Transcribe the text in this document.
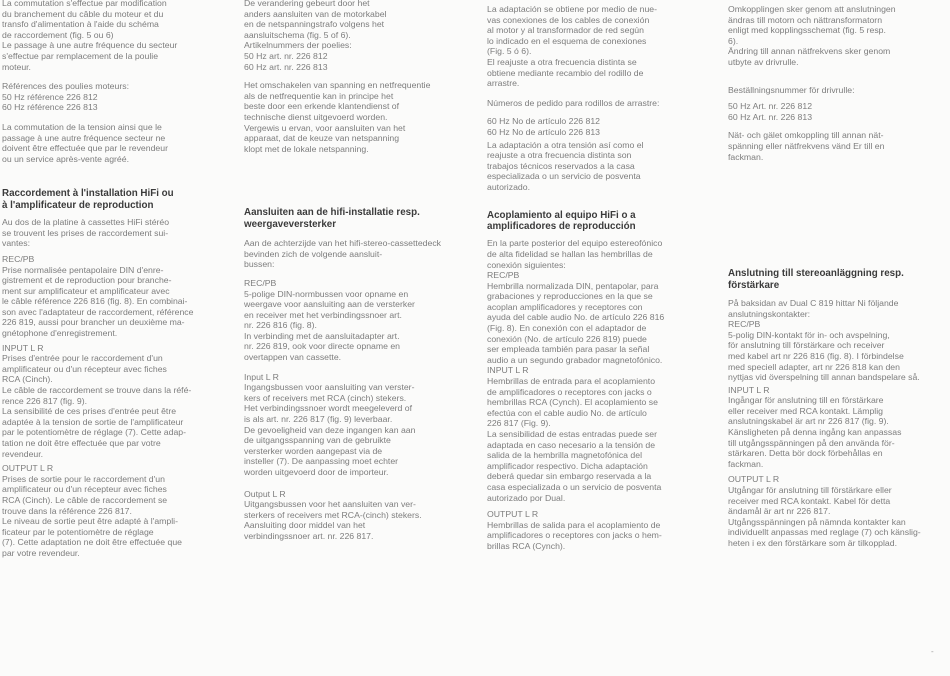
La commutation s'effectue par modification
du branchement du câble du moteur et du
transfo d'alimentation à l'aide du schéma
de raccordement (fig. 5 ou 6)
Le passage à une autre fréquence du secteur
s'effectue par remplacement de la poulie
moteur.

Références des poulies moteurs:

50 Hz référence 226 812
60 Hz référence 226 813

La commutation de la tension ainsi que le
passage à une autre fréquence secteur ne
doivent être effectuée que par le revendeur
ou un service après-vente agréé.

Raccordement à l'installation HiFi ou
à l'amplificateur de reproduction

Au dos de la platine à cassettes HiFi stéréo
se trouvent les prises de raccordement sui-
vantes:

REC/PB

Prise normalisée pentapolaire DIN d'enre-
gistrement et de reproduction pour branche-
ment sur amplificateur et amplificateur avec
le câble référence 226 816 (fig. 8). En combinai-
son avec l'adaptateur de raccordement, référence
226 819, aussi pour brancher un deuxième ma-
gnétophone d'enregistrement.

INPUT L R

Prises d'entrée pour le raccordement d'un
amplificateur ou d'un récepteur avec fiches
RCA (Cinch).
Le câble de raccordement se trouve dans la réfé-
rence 226 817 (fig. 9).
La sensibilité de ces prises d'entrée peut être
adaptée à la tension de sortie de l'amplificateur
par le potentiomètre de réglage (7). Cette adap-
tation ne doit être effectuée que par votre
revendeur.

OUTPUT L R

Prises de sortie pour le raccordement d'un
amplificateur ou d'un récepteur avec fiches
RCA (Cinch). Le câble de raccordement se
trouve dans la référence 226 817.
Le niveau de sortie peut être adapté à l'ampli-
ficateur par le potentiomètre de réglage
(7). Cette adaptation ne doit être effectuée que
par votre revendeur.

De verandering gebeurt door het
anders aansluiten van de motorkabel
en de netspanningstrafo volgens het
aansluitschema (fig. 5 of 6).

Artikelnummers der poelies:

50 Hz art. nr. 226 812
60 Hz art. nr. 226 813

Het omschakelen van spanning en netfrequentie
als de netfrequentie kan in principe het
beste door een erkende klantendienst of
technische dienst uitgevoerd worden.
Vergewis u ervan, voor aansluiten van het
apparaat, dat de keuze van netspanning
klopt met de lokale netspanning.

Aansluiten aan de hifi-installatie resp.
weergaveversterker

Aan de achterzijde van het hifi-stereo-cassettedeck
bevinden zich de volgende aansluit-
bussen:

REC/PB

5-polige DIN-normbussen voor opname en
weergave voor aansluiting aan de versterker
en receiver met het verbindingssnoer art.
nr. 226 816 (fig. 8).
In verbinding met de aansluitadapter art.
nr. 226 819, ook voor directe opname en
overtappen van cassette.

Input L R

Ingangsbussen voor aansluiting van verster-
kers of receivers met RCA (cinch) stekers.
Het verbindingssnoer wordt meegeleverd of
is als art. nr. 226 817 (fig. 9) leverbaar.
De gevoeligheid van deze ingangen kan aan
de uitgangsspanning van de gebruikte
versterker worden aangepast via de
insteller (7). De aanpassing moet echter
worden uitgevoerd door de importeur.

Output L R

Uitgangsbussen voor het aansluiten van ver-
sterkers of receivers met RCA-(cinch) stekers.
Aansluiting door middel van het
verbindingssnoer art. nr. 226 817.

La adaptación se obtiene por medio de nue-
vas conexiones de los cables de conexión
al motor y al transformador de red según
lo indicado en el esquema de conexiones
(Fig. 5 ó 6).
El reajuste a otra frecuencia distinta se
obtiene mediante recambio del rodillo de
arrastre.

Números de pedido para rodillos de arrastre:

60 Hz No de artículo 226 812
60 Hz No de artículo 226 813

La adaptación a otra tensión así como el
reajuste a otra frecuencia distinta son
trabajos técnicos reservados a la casa
especializada o un servicio de posventa
autorizado.

Acoplamiento al equipo HiFi o a
amplificadores de reproducción

En la parte posterior del equipo estereofónico
de alta fidelidad se hallan las hembrillas de
conexión siguientes:

REC/PB

Hembrilla normalizada DIN, pentapolar, para
grabaciones y reproducciones en la que se
acoplan amplificadores y receptores con
ayuda del cable audio No. de artículo 226 816
(Fig. 8). En conexión con el adaptador de
conexión (No. de artículo 226 819) puede
ser empleada también para pasar la señal
audio a un segundo grabador magnetofónico.

INPUT L R

Hembrillas de entrada para el acoplamiento
de amplificadores o receptores con jacks o
hembrillas RCA (Cynch). El acoplamiento se
efectúa con el cable audio No. de artículo
226 817 (Fig. 9).
La sensibilidad de estas entradas puede ser
adaptada en caso necesario a la tensión de
salida de la hembrilla magnetofónica del
amplificador respectivo. Dicha adaptación
deberá quedar sin embargo reservada a la
casa especializada o un servicio de posventa
autorizado por Dual.

OUTPUT L R

Hembrillas de salida para el acoplamiento de
amplificadores o receptores con jacks o hem-
brillas RCA (Cynch).

Omkopplingen sker genom att anslutningen
ändras till motorn och nättransformatorn
enligt med kopplingsschemat (fig. 5 resp.
6).
Ändring till annan nätfrekvens sker genom
utbyte av drivrulle.

Beställningsnummer för drivrulle:

50 Hz Art. nr. 226 812
60 Hz Art. nr. 226 813

Nät- och gälet omkoppling till annan nät-
spänning eller nätfrekvens vänd Er till en
fackman.

Anslutning till stereoanläggning resp.
förstärkare

På baksidan av Dual C 819 hittar Ni följande
anslutningskontakter:

REC/PB

5-polig DIN-kontakt för in- och avspelning,
för anslutning till förstärkare och receiver
med kabel art nr 226 816 (fig. 8). I förbindelse
med speciell adapter, art nr 226 818 kan den
nyttjas vid överspelning till annan bandspelare så.

INPUT L R

Ingångar för anslutning till en förstärkare
eller receiver med RCA kontakt. Lämplig
anslutningskabel är art nr 226 817 (fig. 9).
Känsligheten på denna ingång kan anpassas
till utgångsspänningen på den använda för-
stärkaren. Detta bör dock förbehållas en
fackman.

OUTPUT L R

Utgångar för anslutning till förstärkare eller
receiver med RCA kontakt. Kabel för detta
ändamål är art nr 226 817.
Utgångsspänningen på nämnda kontakter kan
individuellt anpassas med reglage (7) och känslig-
heten i ex den förstärkare som är tilkopplad.

-
